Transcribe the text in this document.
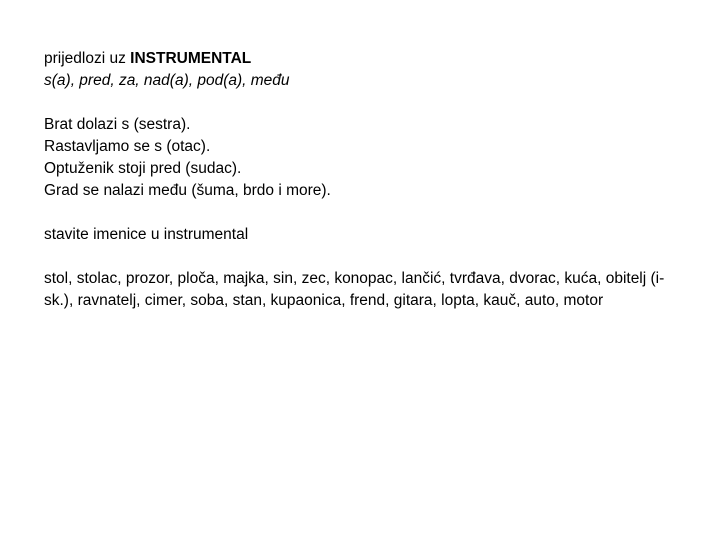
prijedlozi uz INSTRUMENTAL
s(a), pred, za, nad(a), pod(a), među
Brat dolazi s (sestra).
Rastavljamo se s (otac).
Optuženik stoji pred (sudac).
Grad se nalazi među (šuma, brdo i more).
stavite imenice u instrumental
stol, stolac, prozor, ploča, majka, sin, zec, konopac, lančić, tvrđava, dvorac, kuća, obitelj (i-sk.), ravnatelj, cimer, soba, stan, kupaonica, frend, gitara, lopta, kauč, auto, motor
